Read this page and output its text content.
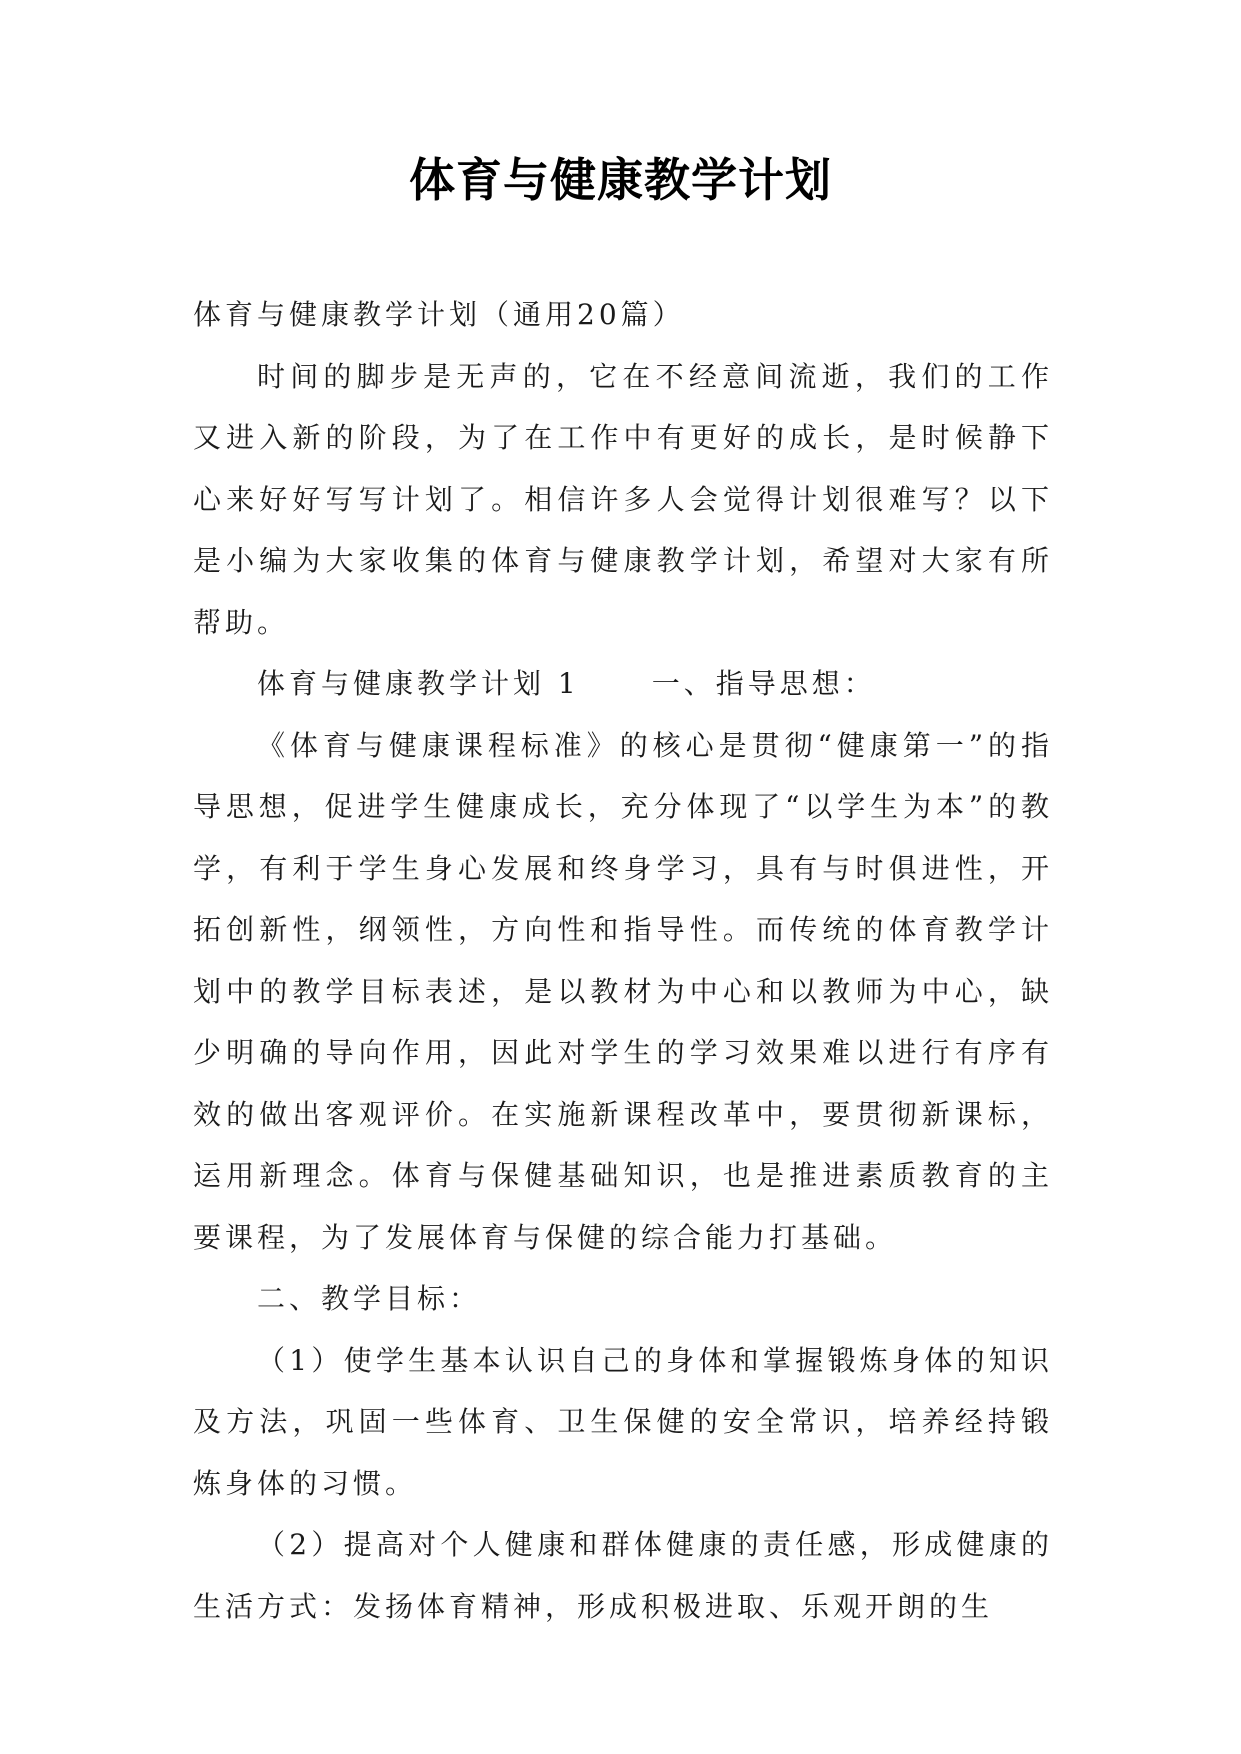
体育与健康教学计划

体育与健康教学计划（通用20篇）

时间的脚步是无声的，它在不经意间流逝，我们的工作又进入新的阶段，为了在工作中有更好的成长，是时候静下心来好好写写计划了。相信许多人会觉得计划很难写？以下是小编为大家收集的体育与健康教学计划，希望对大家有所帮助。

体育与健康教学计划 1	一、指导思想：

《体育与健康课程标准》的核心是贯彻“健康第一”的指导思想，促进学生健康成长，充分体现了“以学生为本”的教学，有利于学生身心发展和终身学习，具有与时俱进性，开拓创新性，纲领性，方向性和指导性。而传统的体育教学计划中的教学目标表述，是以教材为中心和以教师为中心，缺少明确的导向作用，因此对学生的学习效果难以进行有序有效的做出客观评价。在实施新课程改革中，要贯彻新课标，运用新理念。体育与保健基础知识，也是推进素质教育的主要课程，为了发展体育与保健的综合能力打基础。

二、教学目标：

（1）使学生基本认识自己的身体和掌握锻炼身体的知识及方法，巩固一些体育、卫生保健的安全常识，培养经持锻炼身体的习惯。

（2）提高对个人健康和群体健康的责任感，形成健康的生活方式：发扬体育精神，形成积极进取、乐观开朗的生
